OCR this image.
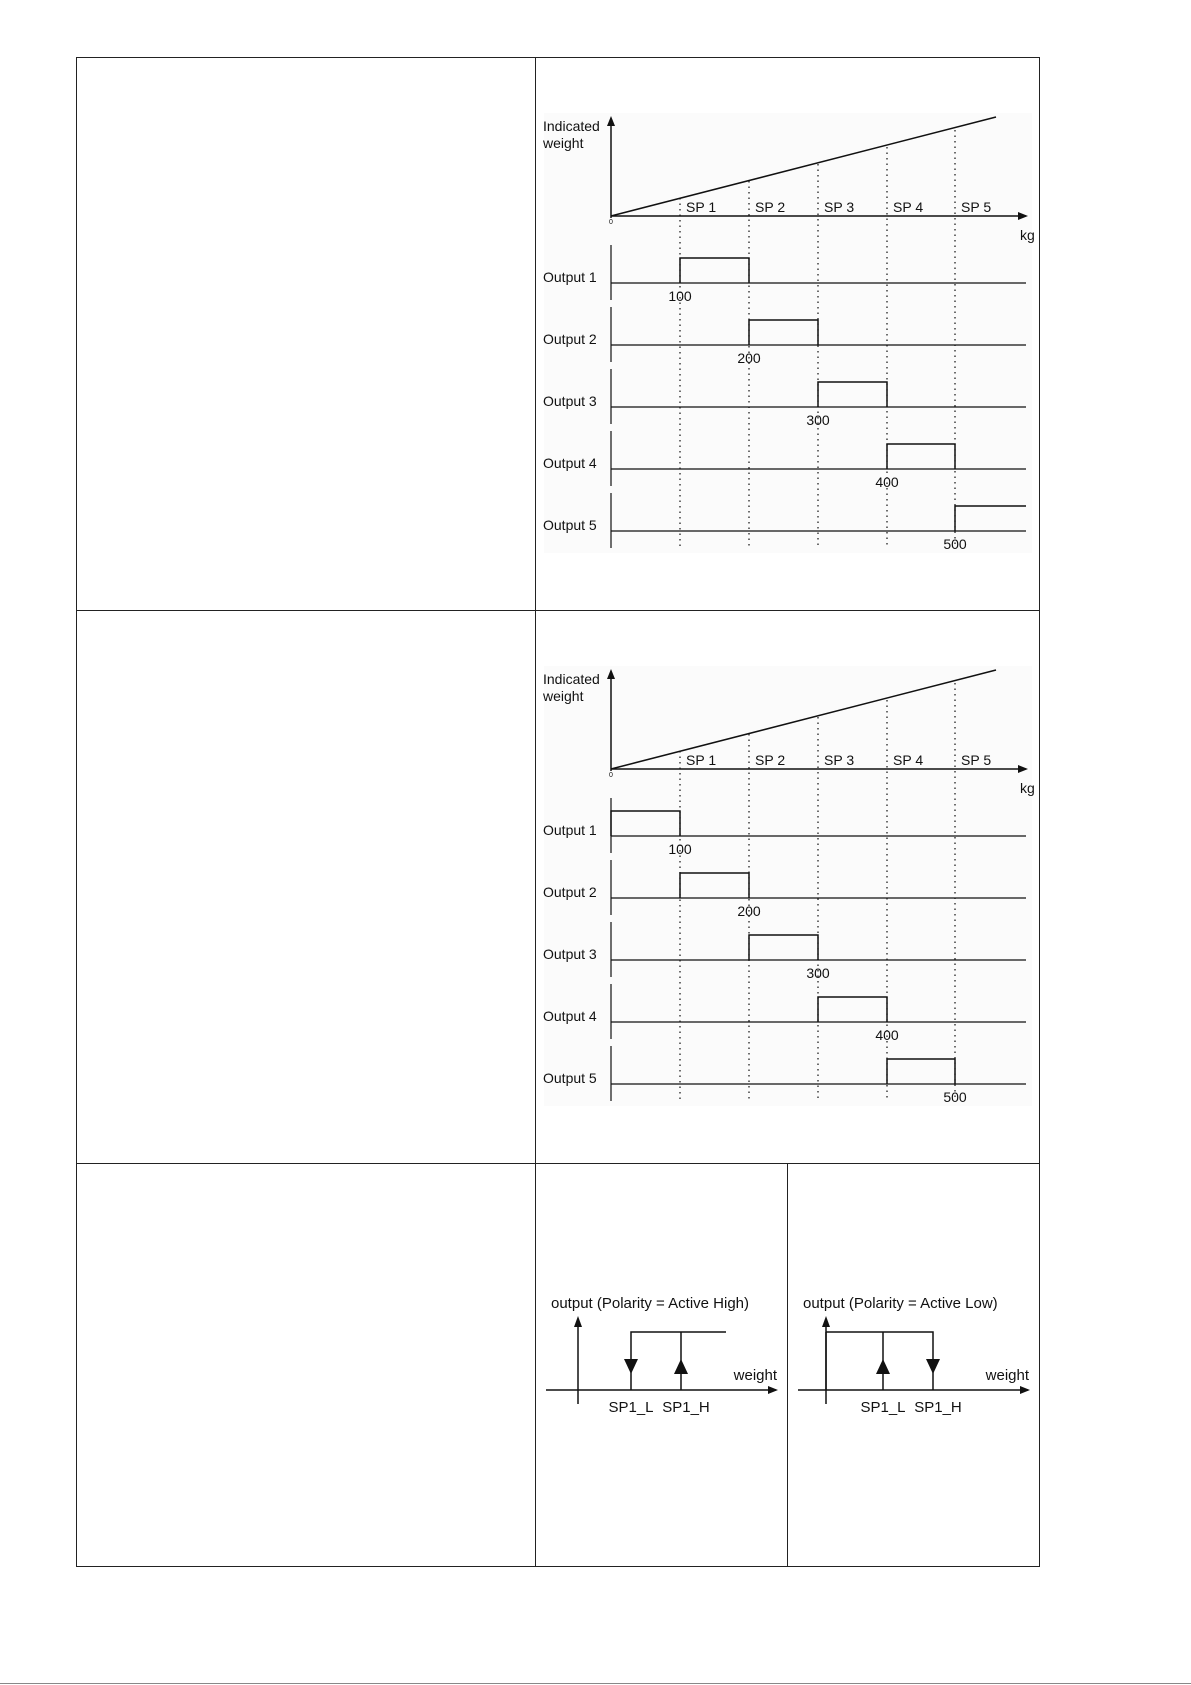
Indicated
weight
0
kg
SP 1	SP 2	SP 3	SP 4	SP 5
Output 1
100
Output 2
200
Output 3
300
Output 4
400
Output 5
500
Indicated
weight
0
kg
SP 1	SP 2	SP 3	SP 4	SP 5
Output 1
100
Output 2
200
Output 3
300
Output 4
400
Output 5
500
output (Polarity = Active High)
weight
SP1_L SP1_H
output (Polarity = Active Low)
weight
SP1_L SP1_H
